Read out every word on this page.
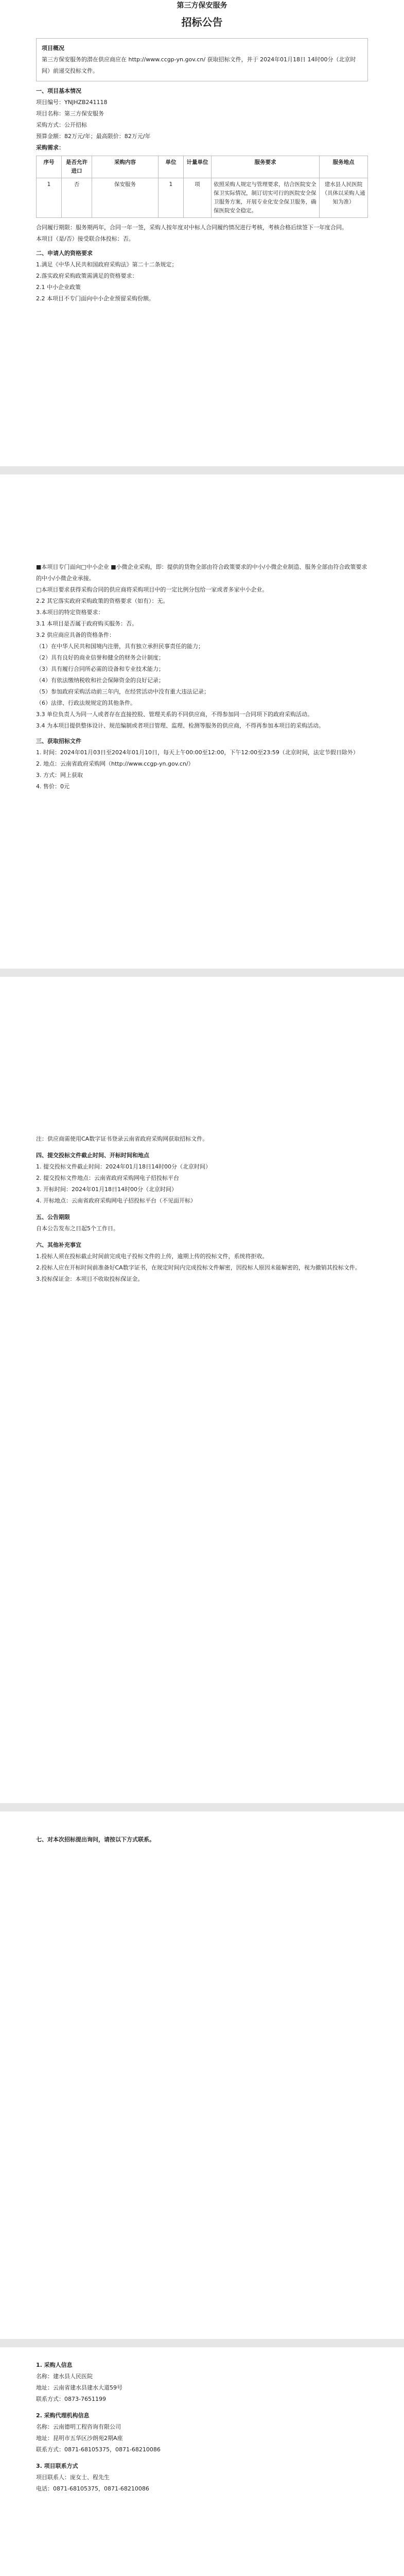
第三方保安服务
招标公告

项目概况

第三方保安服务的潜在供应商应在 http://www.ccgp-yn.gov.cn/ 获取招标文件，并于 2024年01月18日 14时00分（北京时间）前递交投标文件。

一、项目基本情况

项目编号：YNJHZB241118

项目名称：第三方保安服务

采购方式：公开招标

预算金额：82万元/年；最高限价：82万元/年

采购需求：

序号	是否允许进口	采购内容	单位	计量单位	服务要求	服务地点
1	否	保安服务	1	项	依照采购人规定与管理要求，结合医院安全保卫实际情况，制订切实可行的医院安全保卫服务方案，开展专业化安全保卫服务，确保医院安全稳定。	建水县人民医院（具体以采购人通知为准）

合同履行期限：服务期两年，合同一年一签，采购人按年度对中标人合同履约情况进行考核，考核合格后续签下一年度合同。

本项目（是/否）接受联合体投标：否。

二、申请人的资格要求

1.满足《中华人民共和国政府采购法》第二十二条规定；

2.落实政府采购政策需满足的资格要求：

2.1 中小企业政策

2.2 本项目不专门面向中小企业预留采购份额。

■本项目专门面向□中小企业 ■小微企业采购，即：提供的货物全部由符合政策要求的中小/小微企业制造、服务全部由符合政策要求的中小/小微企业承接。

□本项目要求获得采购合同的供应商将采购项目中的一定比例分包给一家或者多家中小企业。

2.2 其它落实政府采购政策的资格要求（如有）：无。

3.本项目的特定资格要求：

3.1 本项目是否属于政府购买服务：否。

3.2 供应商应具备的资格条件：

（1）在中华人民共和国境内注册，具有独立承担民事责任的能力；

（2）具有良好的商业信誉和健全的财务会计制度；

（3）具有履行合同所必需的设备和专业技术能力；

（4）有依法缴纳税收和社会保障资金的良好记录；

（5）参加政府采购活动前三年内，在经营活动中没有重大违法记录；

（6）法律、行政法规规定的其他条件。

3.3 单位负责人为同一人或者存在直接控股、管理关系的不同供应商，不得参加同一合同项下的政府采购活动。

3.4 为本项目提供整体设计、规范编制或者项目管理、监理、检测等服务的供应商，不得再参加本项目的采购活动。

三、获取招标文件

1. 时间：2024年01月03日至2024年01月10日，每天上午00:00至12:00，下午12:00至23:59（北京时间，法定节假日除外）

2. 地点：云南省政府采购网（http://www.ccgp-yn.gov.cn/）

3. 方式：网上获取

4. 售价：0元

注：供应商需使用CA数字证书登录云南省政府采购网获取招标文件。

四、提交投标文件截止时间、开标时间和地点

1. 提交投标文件截止时间：2024年01月18日14时00分（北京时间）

2. 提交投标文件地点：云南省政府采购网电子招投标平台

3. 开标时间：2024年01月18日14时00分（北京时间）

4. 开标地点：云南省政府采购网电子招投标平台（不见面开标）

五、公告期限

自本公告发布之日起5个工作日。

六、其他补充事宜

1.投标人须在投标截止时间前完成电子投标文件的上传，逾期上传的投标文件，系统将拒收。

2.投标人应在开标时间前准备好CA数字证书，在规定时间内完成投标文件解密，因投标人原因未能解密的，视为撤销其投标文件。

3.投标保证金：本项目不收取投标保证金。

七、对本次招标提出询问，请按以下方式联系。

1. 采购人信息

名称：建水县人民医院

地址：云南省建水县建水大道59号

联系方式：0873-7651199

2. 采购代理机构信息

名称：云南德明工程咨询有限公司

地址：昆明市五华区沙朗苑2期A座

联系方式：0871-68105375，0871-68210086

3. 项目联系方式

项目联系人：庞女士、程先生

电话：0871-68105375，0871-68210086
